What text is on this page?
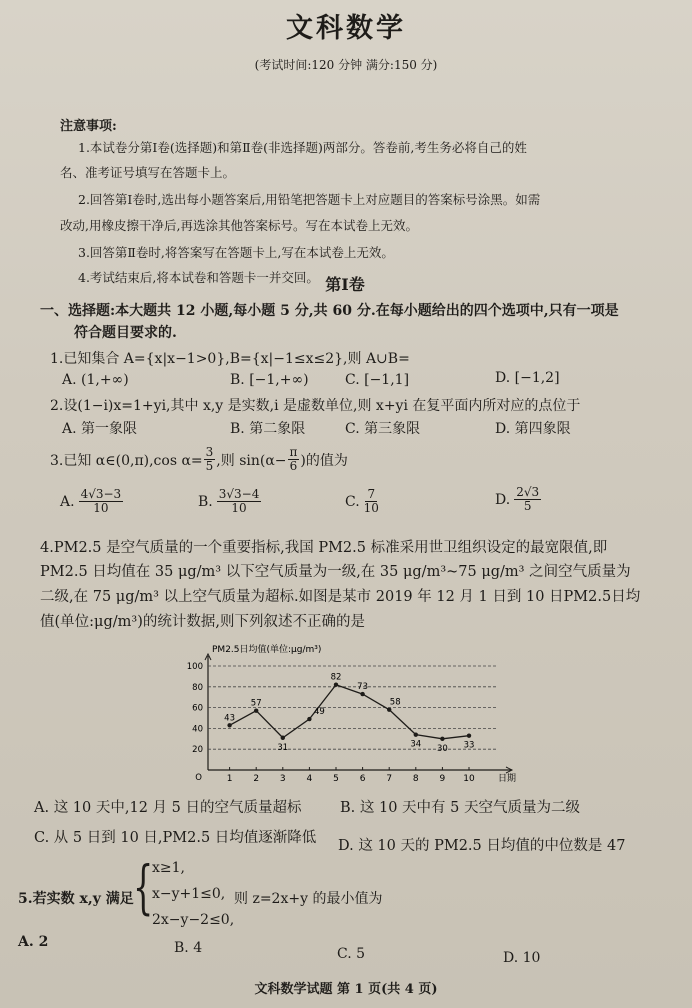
文科数学
(考试时间:120 分钟 满分:150 分)
注意事项:
1.本试卷分第Ⅰ卷(选择题)和第Ⅱ卷(非选择题)两部分。答卷前,考生务必将自己的姓
名、准考证号填写在答题卡上。
2.回答第Ⅰ卷时,选出每小题答案后,用铅笔把答题卡上对应题目的答案标号涂黑。如需
改动,用橡皮擦干净后,再选涂其他答案标号。写在本试卷上无效。
3.回答第Ⅱ卷时,将答案写在答题卡上,写在本试卷上无效。
4.考试结束后,将本试卷和答题卡一并交回。 第Ⅰ卷
一、选择题:本大题共 12 小题,每小题 5 分,共 60 分.在每小题给出的四个选项中,只有一项是
符合题目要求的.
1.已知集合 A={x|x−1>0},B={x|−1≤x≤2},则 A∪B=
A. (1,+∞)	B. [−1,+∞)	C. [−1,1]	D. [−1,2]
2.设(1−i)x=1+yi,其中 x,y 是实数,i 是虚数单位,则 x+yi 在复平面内所对应的点位于
A. 第一象限	B. 第二象限	C. 第三象限	D. 第四象限
3.已知 α∈(0,π),cos $\alpha= \frac{3}{5}$ ,则 $\sin(\alpha- \frac{\pi}{6}$ )的值为
A. $\frac{4√3-3}{10}$	B. $\frac{3√3-4}{10}$	C. $\frac{7}{10}$	D. $\frac{2√3}{5}$
4.PM2.5 是空气质量的一个重要指标,我国 PM2.5 标准采用世卫组织设定的最宽限值,即
PM2.5 日均值在 35 μg/m³ 以下空气质量为一级,在 35 μg/m³~75 μg/m³ 之间空气质量为
二级,在 75 μg/m³ 以上空气质量为超标.如图是某市 2019 年 12 月 1 日到 10 日PM2.5日均
值(单位:μg/m³)的统计数据,则下列叙述不正确的是
PM2.5日均值(单位:μg/m³)
20
40
60
80
100
O	1 2 3 4 5 6 7 8 9 10	日期
43
57
31
49
82
73
58
34 30 33
A. 这 10 天中,12 月 5 日的空气质量超标	B. 这 10 天中有 5 天空气质量为二级
C. 从 5 日到 10 日,PM2.5 日均值逐渐降低 D. 这 10 天的 PM2.5 日均值的中位数是 47
5.若实数 x,y 满足 {
x≥1,
x−y+1≤0,
2x−y−2≤0,
则 z=2x+y 的最小值为
A. 2	B. 4	C. 5	D. 10
文科数学试题 第 1 页(共 4 页)
